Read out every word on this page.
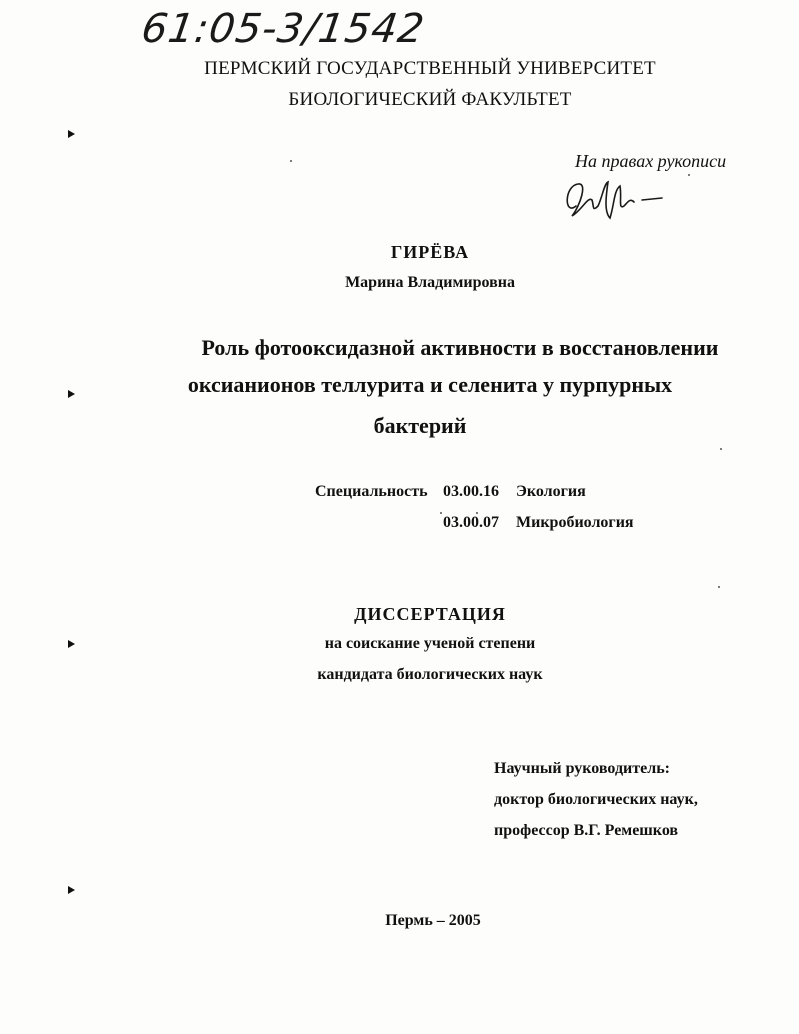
61:05-3/1542
ПЕРМСКИЙ ГОСУДАРСТВЕННЫЙ УНИВЕРСИТЕТ
БИОЛОГИЧЕСКИЙ ФАКУЛЬТЕТ
На правах рукописи
ГИРЁВА
Марина Владимировна
Роль фотооксидазной активности в восстановлении
оксианионов теллурита и селенита у пурпурных
бактерий
Специальность 03.00.16 Экология
03.00.07 Микробиология
ДИССЕРТАЦИЯ
на соискание ученой степени
кандидата биологических наук
Научный руководитель:
доктор биологических наук,
профессор В.Г. Ремешков
Пермь – 2005
